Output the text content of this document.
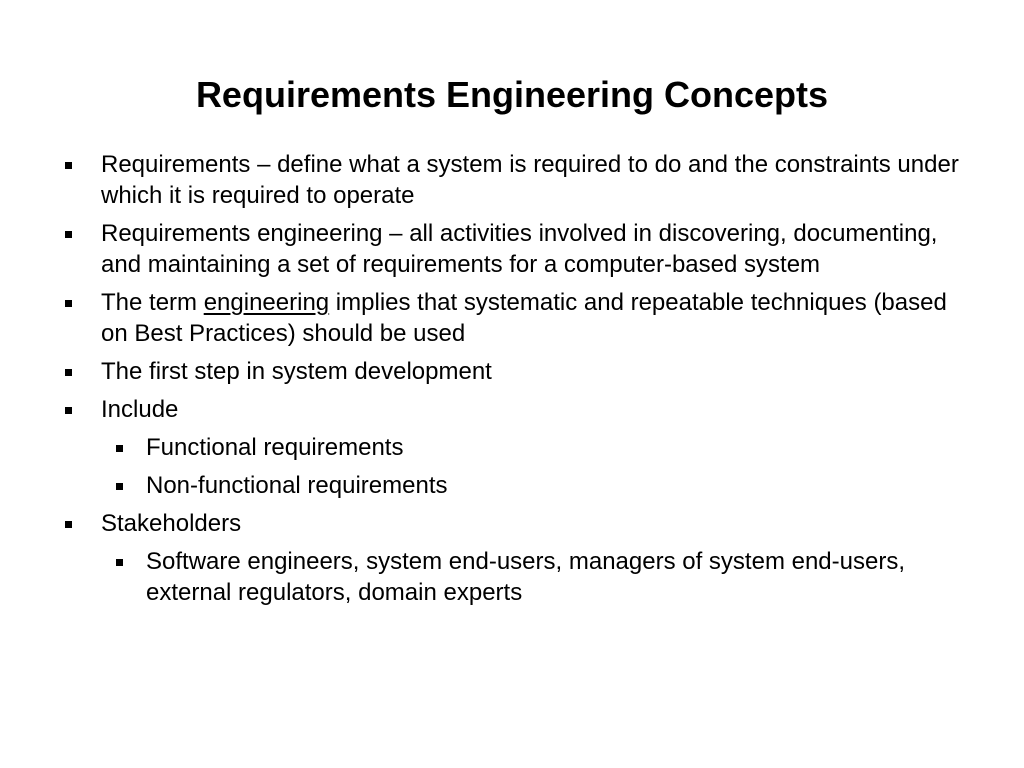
Requirements Engineering Concepts
Requirements – define what a system is required to do and the constraints under which it is required to operate
Requirements engineering – all activities involved in discovering, documenting, and maintaining a set of requirements for a computer-based system
The term engineering implies that systematic and repeatable techniques (based on Best Practices) should be used
The first step in system development
Include
Functional requirements
Non-functional requirements
Stakeholders
Software engineers, system end-users, managers of system end-users, external regulators, domain experts
